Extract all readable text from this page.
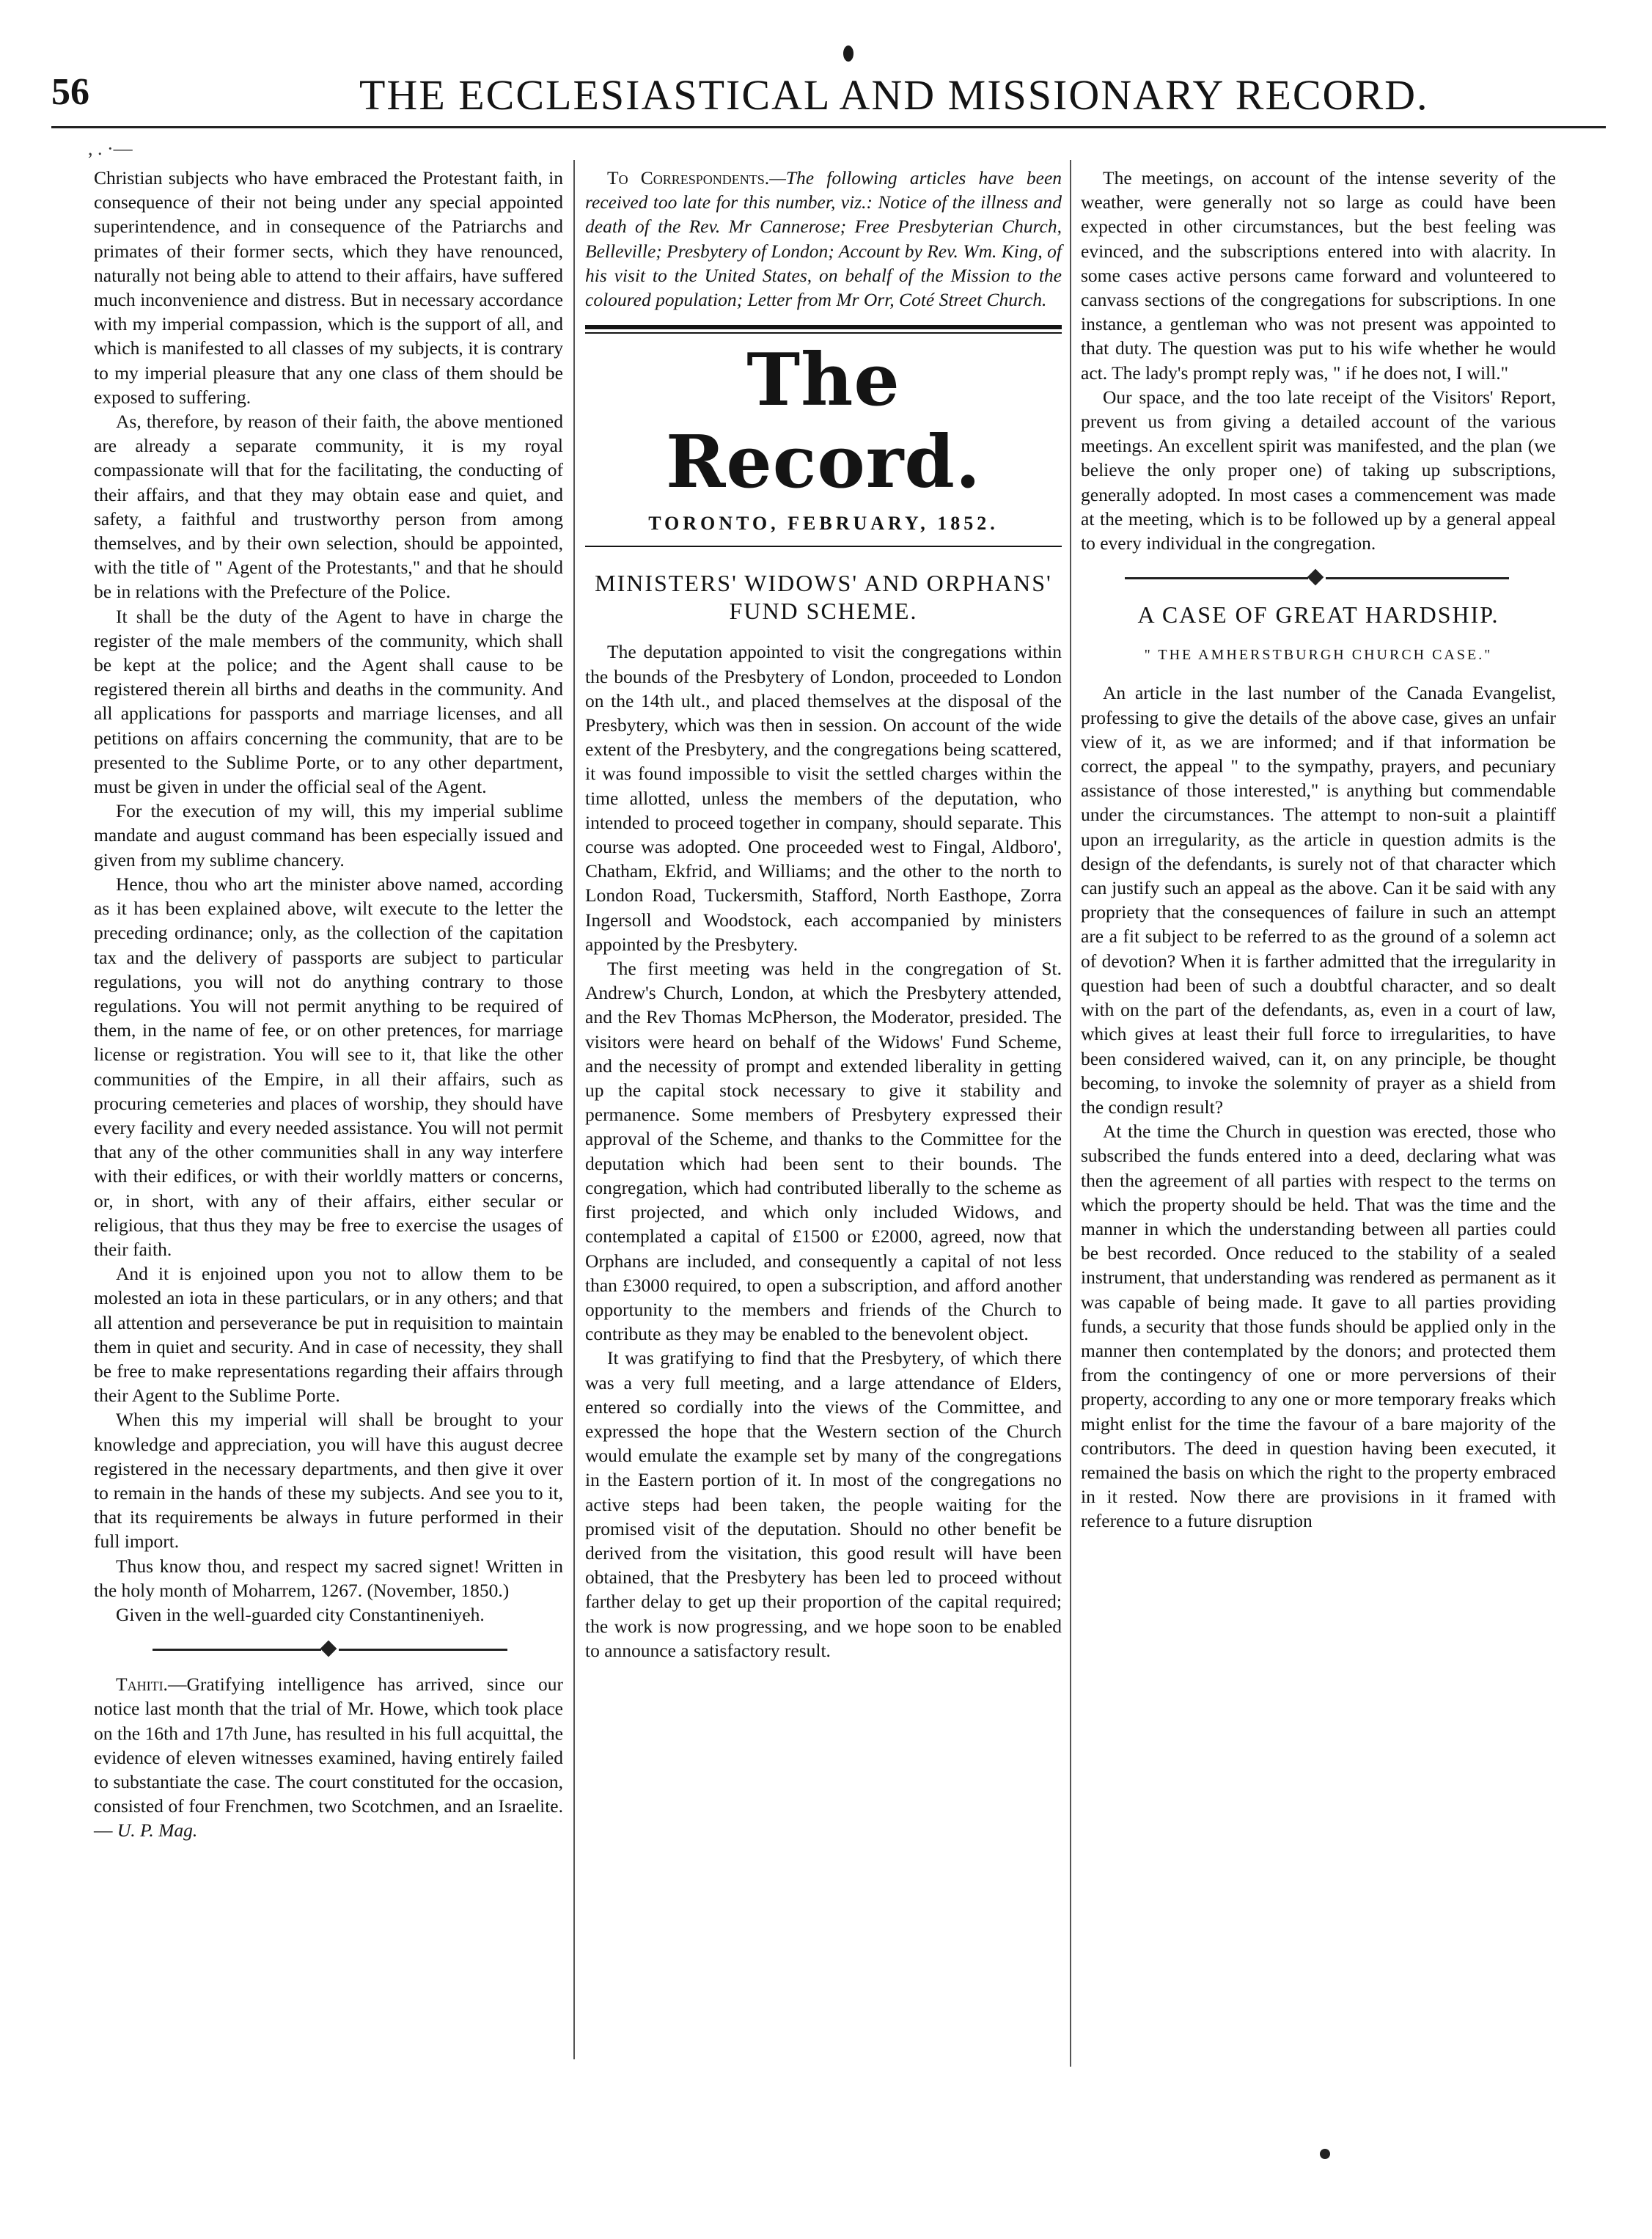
56	THE ECCLESIASTICAL AND MISSIONARY RECORD.
, . ·—

Christian subjects who have embraced the Protestant faith, in consequence of their not being under any special appointed superintendence, and in consequence of the Patriarchs and primates of their former sects, which they have renounced, naturally not being able to attend to their affairs, have suffered much inconvenience and distress. But in necessary accordance with my imperial compassion, which is the support of all, and which is manifested to all classes of my subjects, it is contrary to my imperial pleasure that any one class of them should be exposed to suffering.

As, therefore, by reason of their faith, the above mentioned are already a separate community, it is my royal compassionate will that for the facilitating, the conducting of their affairs, and that they may obtain ease and quiet, and safety, a faithful and trustworthy person from among themselves, and by their own selection, should be appointed, with the title of " Agent of the Protestants," and that he should be in relations with the Prefecture of the Police.

It shall be the duty of the Agent to have in charge the register of the male members of the community, which shall be kept at the police; and the Agent shall cause to be registered therein all births and deaths in the community. And all applications for passports and marriage licenses, and all petitions on affairs concerning the community, that are to be presented to the Sublime Porte, or to any other department, must be given in under the official seal of the Agent.

For the execution of my will, this my imperial sublime mandate and august command has been especially issued and given from my sublime chancery.

Hence, thou who art the minister above named, according as it has been explained above, wilt execute to the letter the preceding ordinance; only, as the collection of the capitation tax and the delivery of passports are subject to particular regulations, you will not do anything contrary to those regulations. You will not permit anything to be required of them, in the name of fee, or on other pretences, for marriage license or registration. You will see to it, that like the other communities of the Empire, in all their affairs, such as procuring cemeteries and places of worship, they should have every facility and every needed assistance. You will not permit that any of the other communities shall in any way interfere with their edifices, or with their worldly matters or concerns, or, in short, with any of their affairs, either secular or religious, that thus they may be free to exercise the usages of their faith.

And it is enjoined upon you not to allow them to be molested an iota in these particulars, or in any others; and that all attention and perseverance be put in requisition to maintain them in quiet and security. And in case of necessity, they shall be free to make representations regarding their affairs through their Agent to the Sublime Porte.

When this my imperial will shall be brought to your knowledge and appreciation, you will have this august decree registered in the necessary departments, and then give it over to remain in the hands of these my subjects. And see you to it, that its requirements be always in future performed in their full import.

Thus know thou, and respect my sacred signet! Written in the holy month of Moharrem, 1267. (November, 1850.)

Given in the well-guarded city Constantineniyeh.

Tahiti.—Gratifying intelligence has arrived, since our notice last month that the trial of Mr. Howe, which took place on the 16th and 17th June, has resulted in his full acquittal, the evidence of eleven witnesses examined, having entirely failed to substantiate the case. The court constituted for the occasion, consisted of four Frenchmen, two Scotchmen, and an Israelite.— U. P. Mag.

To Correspondents.—The following articles have been received too late for this number, viz.: Notice of the illness and death of the Rev. Mr Cannerose; Free Presbyterian Church, Belleville; Presbytery of London; Account by Rev. Wm. King, of his visit to the United States, on behalf of the Mission to the coloured population; Letter from Mr Orr, Coté Street Church.

The Record.
TORONTO, FEBRUARY, 1852.
MINISTERS' WIDOWS' AND ORPHANS' FUND SCHEME.

The deputation appointed to visit the congregations within the bounds of the Presbytery of London, proceeded to London on the 14th ult., and placed themselves at the disposal of the Presbytery, which was then in session. On account of the wide extent of the Presbytery, and the congregations being scattered, it was found impossible to visit the settled charges within the time allotted, unless the members of the deputation, who intended to proceed together in company, should separate. This course was adopted. One proceeded west to Fingal, Aldboro', Chatham, Ekfrid, and Williams; and the other to the north to London Road, Tuckersmith, Stafford, North Easthope, Zorra Ingersoll and Woodstock, each accompanied by ministers appointed by the Presbytery.

The first meeting was held in the congregation of St. Andrew's Church, London, at which the Presbytery attended, and the Rev Thomas McPherson, the Moderator, presided. The visitors were heard on behalf of the Widows' Fund Scheme, and the necessity of prompt and extended liberality in getting up the capital stock necessary to give it stability and permanence. Some members of Presbytery expressed their approval of the Scheme, and thanks to the Committee for the deputation which had been sent to their bounds. The congregation, which had contributed liberally to the scheme as first projected, and which only included Widows, and contemplated a capital of £1500 or £2000, agreed, now that Orphans are included, and consequently a capital of not less than £3000 required, to open a subscription, and afford another opportunity to the members and friends of the Church to contribute as they may be enabled to the benevolent object.

It was gratifying to find that the Presbytery, of which there was a very full meeting, and a large attendance of Elders, entered so cordially into the views of the Committee, and expressed the hope that the Western section of the Church would emulate the example set by many of the congregations in the Eastern portion of it. In most of the congregations no active steps had been taken, the people waiting for the promised visit of the deputation. Should no other benefit be derived from the visitation, this good result will have been obtained, that the Presbytery has been led to proceed without farther delay to get up their proportion of the capital required; the work is now progressing, and we hope soon to be enabled to announce a satisfactory result.

The meetings, on account of the intense severity of the weather, were generally not so large as could have been expected in other circumstances, but the best feeling was evinced, and the subscriptions entered into with alacrity. In some cases active persons came forward and volunteered to canvass sections of the congregations for subscriptions. In one instance, a gentleman who was not present was appointed to that duty. The question was put to his wife whether he would act. The lady's prompt reply was, " if he does not, I will."

Our space, and the too late receipt of the Visitors' Report, prevent us from giving a detailed account of the various meetings. An excellent spirit was manifested, and the plan (we believe the only proper one) of taking up subscriptions, generally adopted. In most cases a commencement was made at the meeting, which is to be followed up by a general appeal to every individual in the congregation.

A CASE OF GREAT HARDSHIP.
" THE AMHERSTBURGH CHURCH CASE."

An article in the last number of the Canada Evangelist, professing to give the details of the above case, gives an unfair view of it, as we are informed; and if that information be correct, the appeal " to the sympathy, prayers, and pecuniary assistance of those interested," is anything but commendable under the circumstances. The attempt to non-suit a plaintiff upon an irregularity, as the article in question admits is the design of the defendants, is surely not of that character which can justify such an appeal as the above. Can it be said with any propriety that the consequences of failure in such an attempt are a fit subject to be referred to as the ground of a solemn act of devotion? When it is farther admitted that the irregularity in question had been of such a doubtful character, and so dealt with on the part of the defendants, as, even in a court of law, which gives at least their full force to irregularities, to have been considered waived, can it, on any principle, be thought becoming, to invoke the solemnity of prayer as a shield from the condign result?

At the time the Church in question was erected, those who subscribed the funds entered into a deed, declaring what was then the agreement of all parties with respect to the terms on which the property should be held. That was the time and the manner in which the understanding between all parties could be best recorded. Once reduced to the stability of a sealed instrument, that understanding was rendered as permanent as it was capable of being made. It gave to all parties providing funds, a security that those funds should be applied only in the manner then contemplated by the donors; and protected them from the contingency of one or more perversions of their property, according to any one or more temporary freaks which might enlist for the time the favour of a bare majority of the contributors. The deed in question having been executed, it remained the basis on which the right to the property embraced in it rested. Now there are provisions in it framed with reference to a future disruption
